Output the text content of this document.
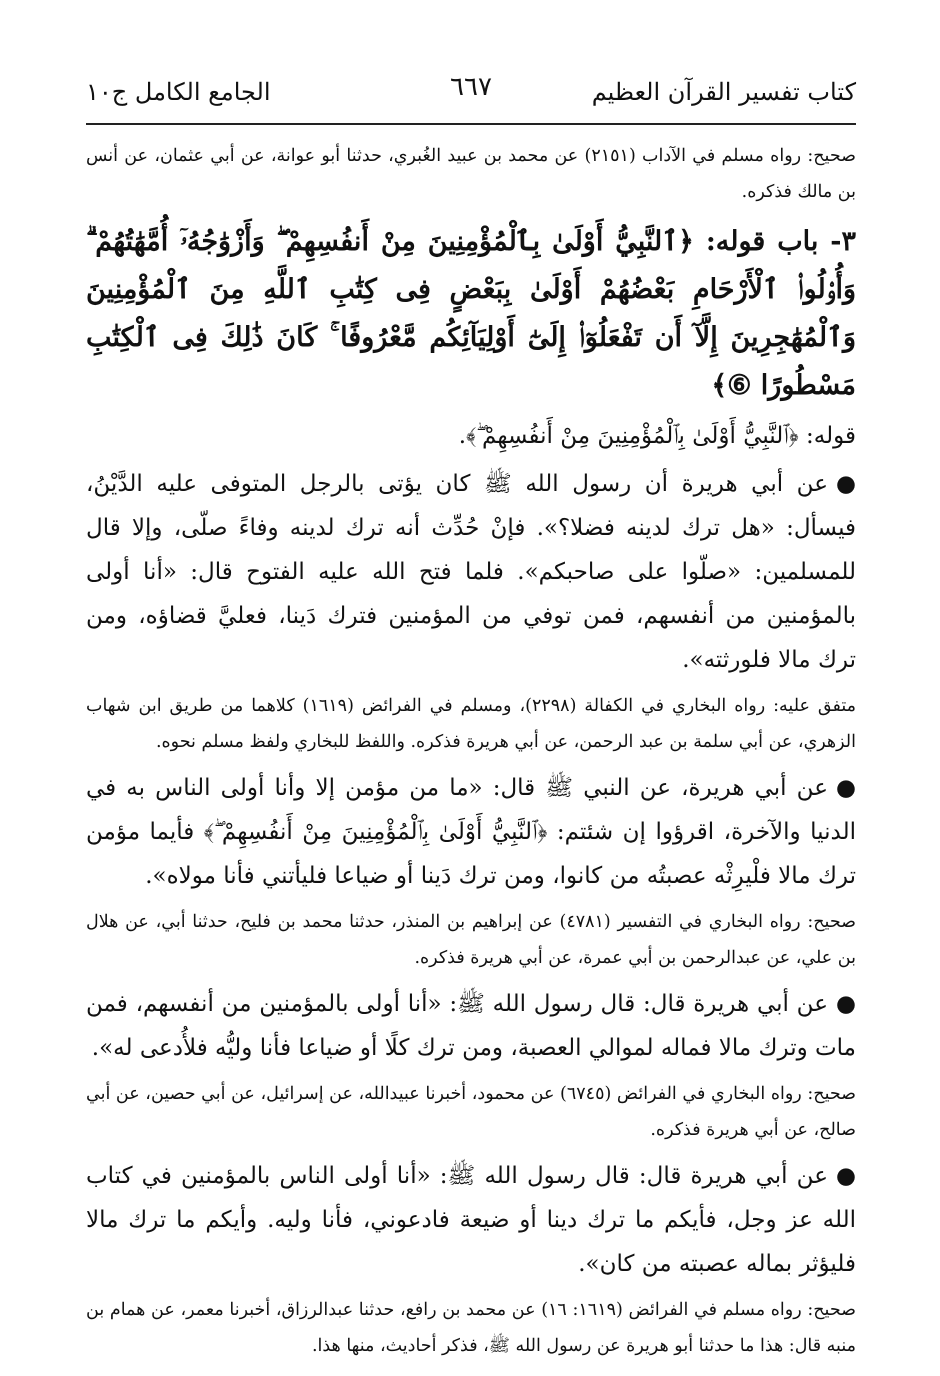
كتاب تفسير القرآن العظيم
٦٦٧
الجامع الكامل ج١٠

صحيح: رواه مسلم في الآداب (٢١٥١) عن محمد بن عبيد الغُبري، حدثنا أبو عوانة، عن أبي عثمان، عن أنس بن مالك فذكره.

٣- باب قوله: ﴿ٱلنَّبِيُّ أَوْلَىٰ بِٱلْمُؤْمِنِينَ مِنْ أَنفُسِهِمْ ۖ وَأَزْوَٰجُهُۥٓ أُمَّهَٰتُهُمْ ۗ وَأُو۟لُوا۟ ٱلْأَرْحَامِ بَعْضُهُمْ أَوْلَىٰ بِبَعْضٍ فِى كِتَٰبِ ٱللَّهِ مِنَ ٱلْمُؤْمِنِينَ وَٱلْمُهَٰجِرِينَ إِلَّآ أَن تَفْعَلُوٓا۟ إِلَىٰٓ أَوْلِيَآئِكُم مَّعْرُوفًا ۚ كَانَ ذَٰلِكَ فِى ٱلْكِتَٰبِ مَسْطُورًا ⑥﴾

قوله: ﴿ٱلنَّبِيُّ أَوْلَىٰ بِٱلْمُؤْمِنِينَ مِنْ أَنفُسِهِمْ ۖ﴾.

●عن أبي هريرة أن رسول الله ﷺ كان يؤتى بالرجل المتوفى عليه الدَّيْنُ، فيسأل: «هل ترك لدينه فضلا؟». فإنْ حُدِّث أنه ترك لدينه وفاءً صلّى، وإلا قال للمسلمين: «صلّوا على صاحبكم». فلما فتح الله عليه الفتوح قال: «أنا أولى بالمؤمنين من أنفسهم، فمن توفي من المؤمنين فترك دَينا، فعليَّ قضاؤه، ومن ترك مالا فلورثته».

متفق عليه: رواه البخاري في الكفالة (٢٢٩٨)، ومسلم في الفرائض (١٦١٩) كلاهما من طريق ابن شهاب الزهري، عن أبي سلمة بن عبد الرحمن، عن أبي هريرة فذكره. واللفظ للبخاري ولفظ مسلم نحوه.

●عن أبي هريرة، عن النبي ﷺ قال: «ما من مؤمن إلا وأنا أولى الناس به في الدنيا والآخرة، اقرؤوا إن شئتم: ﴿ٱلنَّبِيُّ أَوْلَىٰ بِٱلْمُؤْمِنِينَ مِنْ أَنفُسِهِمْ ۖ﴾ فأيما مؤمن ترك مالا فلْيرِثْه عصبتُه من كانوا، ومن ترك دَينا أو ضياعا فليأتني فأنا مولاه».

صحيح: رواه البخاري في التفسير (٤٧٨١) عن إبراهيم بن المنذر، حدثنا محمد بن فليح، حدثنا أبي، عن هلال بن علي، عن عبدالرحمن بن أبي عمرة، عن أبي هريرة فذكره.

●عن أبي هريرة قال: قال رسول الله ﷺ: «أنا أولى بالمؤمنين من أنفسهم، فمن مات وترك مالا فماله لموالي العصبة، ومن ترك كلًا أو ضياعا فأنا وليُّه فلأُدعى له».

صحيح: رواه البخاري في الفرائض (٦٧٤٥) عن محمود، أخبرنا عبيدالله، عن إسرائيل، عن أبي حصين، عن أبي صالح، عن أبي هريرة فذكره.

●عن أبي هريرة قال: قال رسول الله ﷺ: «أنا أولى الناس بالمؤمنين في كتاب الله عز وجل، فأيكم ما ترك دينا أو ضيعة فادعوني، فأنا وليه. وأيكم ما ترك مالا فليؤثر بماله عصبته من كان».

صحيح: رواه مسلم في الفرائض (١٦١٩: ١٦) عن محمد بن رافع، حدثنا عبدالرزاق، أخبرنا معمر، عن همام بن منبه قال: هذا ما حدثنا أبو هريرة عن رسول الله ﷺ، فذكر أحاديث، منها هذا.
